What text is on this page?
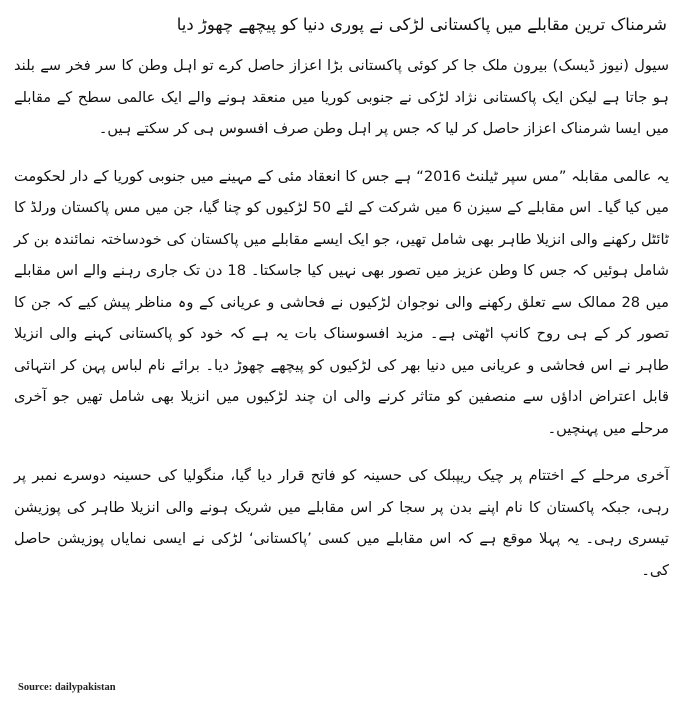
شرمناک ترین مقابلے میں پاکستانی لڑکی نے پوری دنیا کو پیچھے چھوڑ دیا

سیول (نیوز ڈیسک) بیرون ملک جا کر کوئی پاکستانی بڑا اعزاز حاصل کرے تو اہل وطن کا سر فخر سے بلند ہو جاتا ہے لیکن ایک پاکستانی نژاد لڑکی نے جنوبی کوریا میں منعقد ہونے والے ایک عالمی سطح کے مقابلے میں ایسا شرمناک اعزاز حاصل کر لیا کہ جس پر اہل وطن صرف افسوس ہی کر سکتے ہیں۔

یہ عالمی مقابلہ ”مس سپر ٹیلنٹ 2016“ ہے جس کا انعقاد مئی کے مہینے میں جنوبی کوریا کے دار لحکومت میں کیا گیا۔ اس مقابلے کے سیزن 6 میں شرکت کے لئے 50 لڑکیوں کو چنا گیا، جن میں مس پاکستان ورلڈ کا ٹائٹل رکھنے والی انزیلا طاہر بھی شامل تھیں، جو ایک ایسے مقابلے میں پاکستان کی خودساختہ نمائندہ بن کر شامل ہوئیں کہ جس کا وطن عزیز میں تصور بھی نہیں کیا جاسکتا۔ 18 دن تک جاری رہنے والے اس مقابلے میں 28 ممالک سے تعلق رکھنے والی نوجوان لڑکیوں نے فحاشی و عریانی کے وہ مناظر پیش کیے کہ جن کا تصور کر کے ہی روح کانپ اٹھتی ہے۔ مزید افسوسناک بات یہ ہے کہ خود کو پاکستانی کہنے والی انزیلا طاہر نے اس فحاشی و عریانی میں دنیا بھر کی لڑکیوں کو پیچھے چھوڑ دیا۔ برائے نام لباس پہن کر انتہائی قابل اعتراض اداؤں سے منصفین کو متاثر کرنے والی ان چند لڑکیوں میں انزیلا بھی شامل تھیں جو آخری مرحلے میں پہنچیں۔

آخری مرحلے کے اختتام پر چیک ریپبلک کی حسینہ کو فاتح قرار دیا گیا، منگولیا کی حسینہ دوسرے نمبر پر رہی، جبکہ پاکستان کا نام اپنے بدن پر سجا کر اس مقابلے میں شریک ہونے والی انزیلا طاہر کی پوزیشن تیسری رہی۔ یہ پہلا موقع ہے کہ اس مقابلے میں کسی ’پاکستانی‘ لڑکی نے ایسی نمایاں پوزیشن حاصل کی۔

Source: dailypakistan
